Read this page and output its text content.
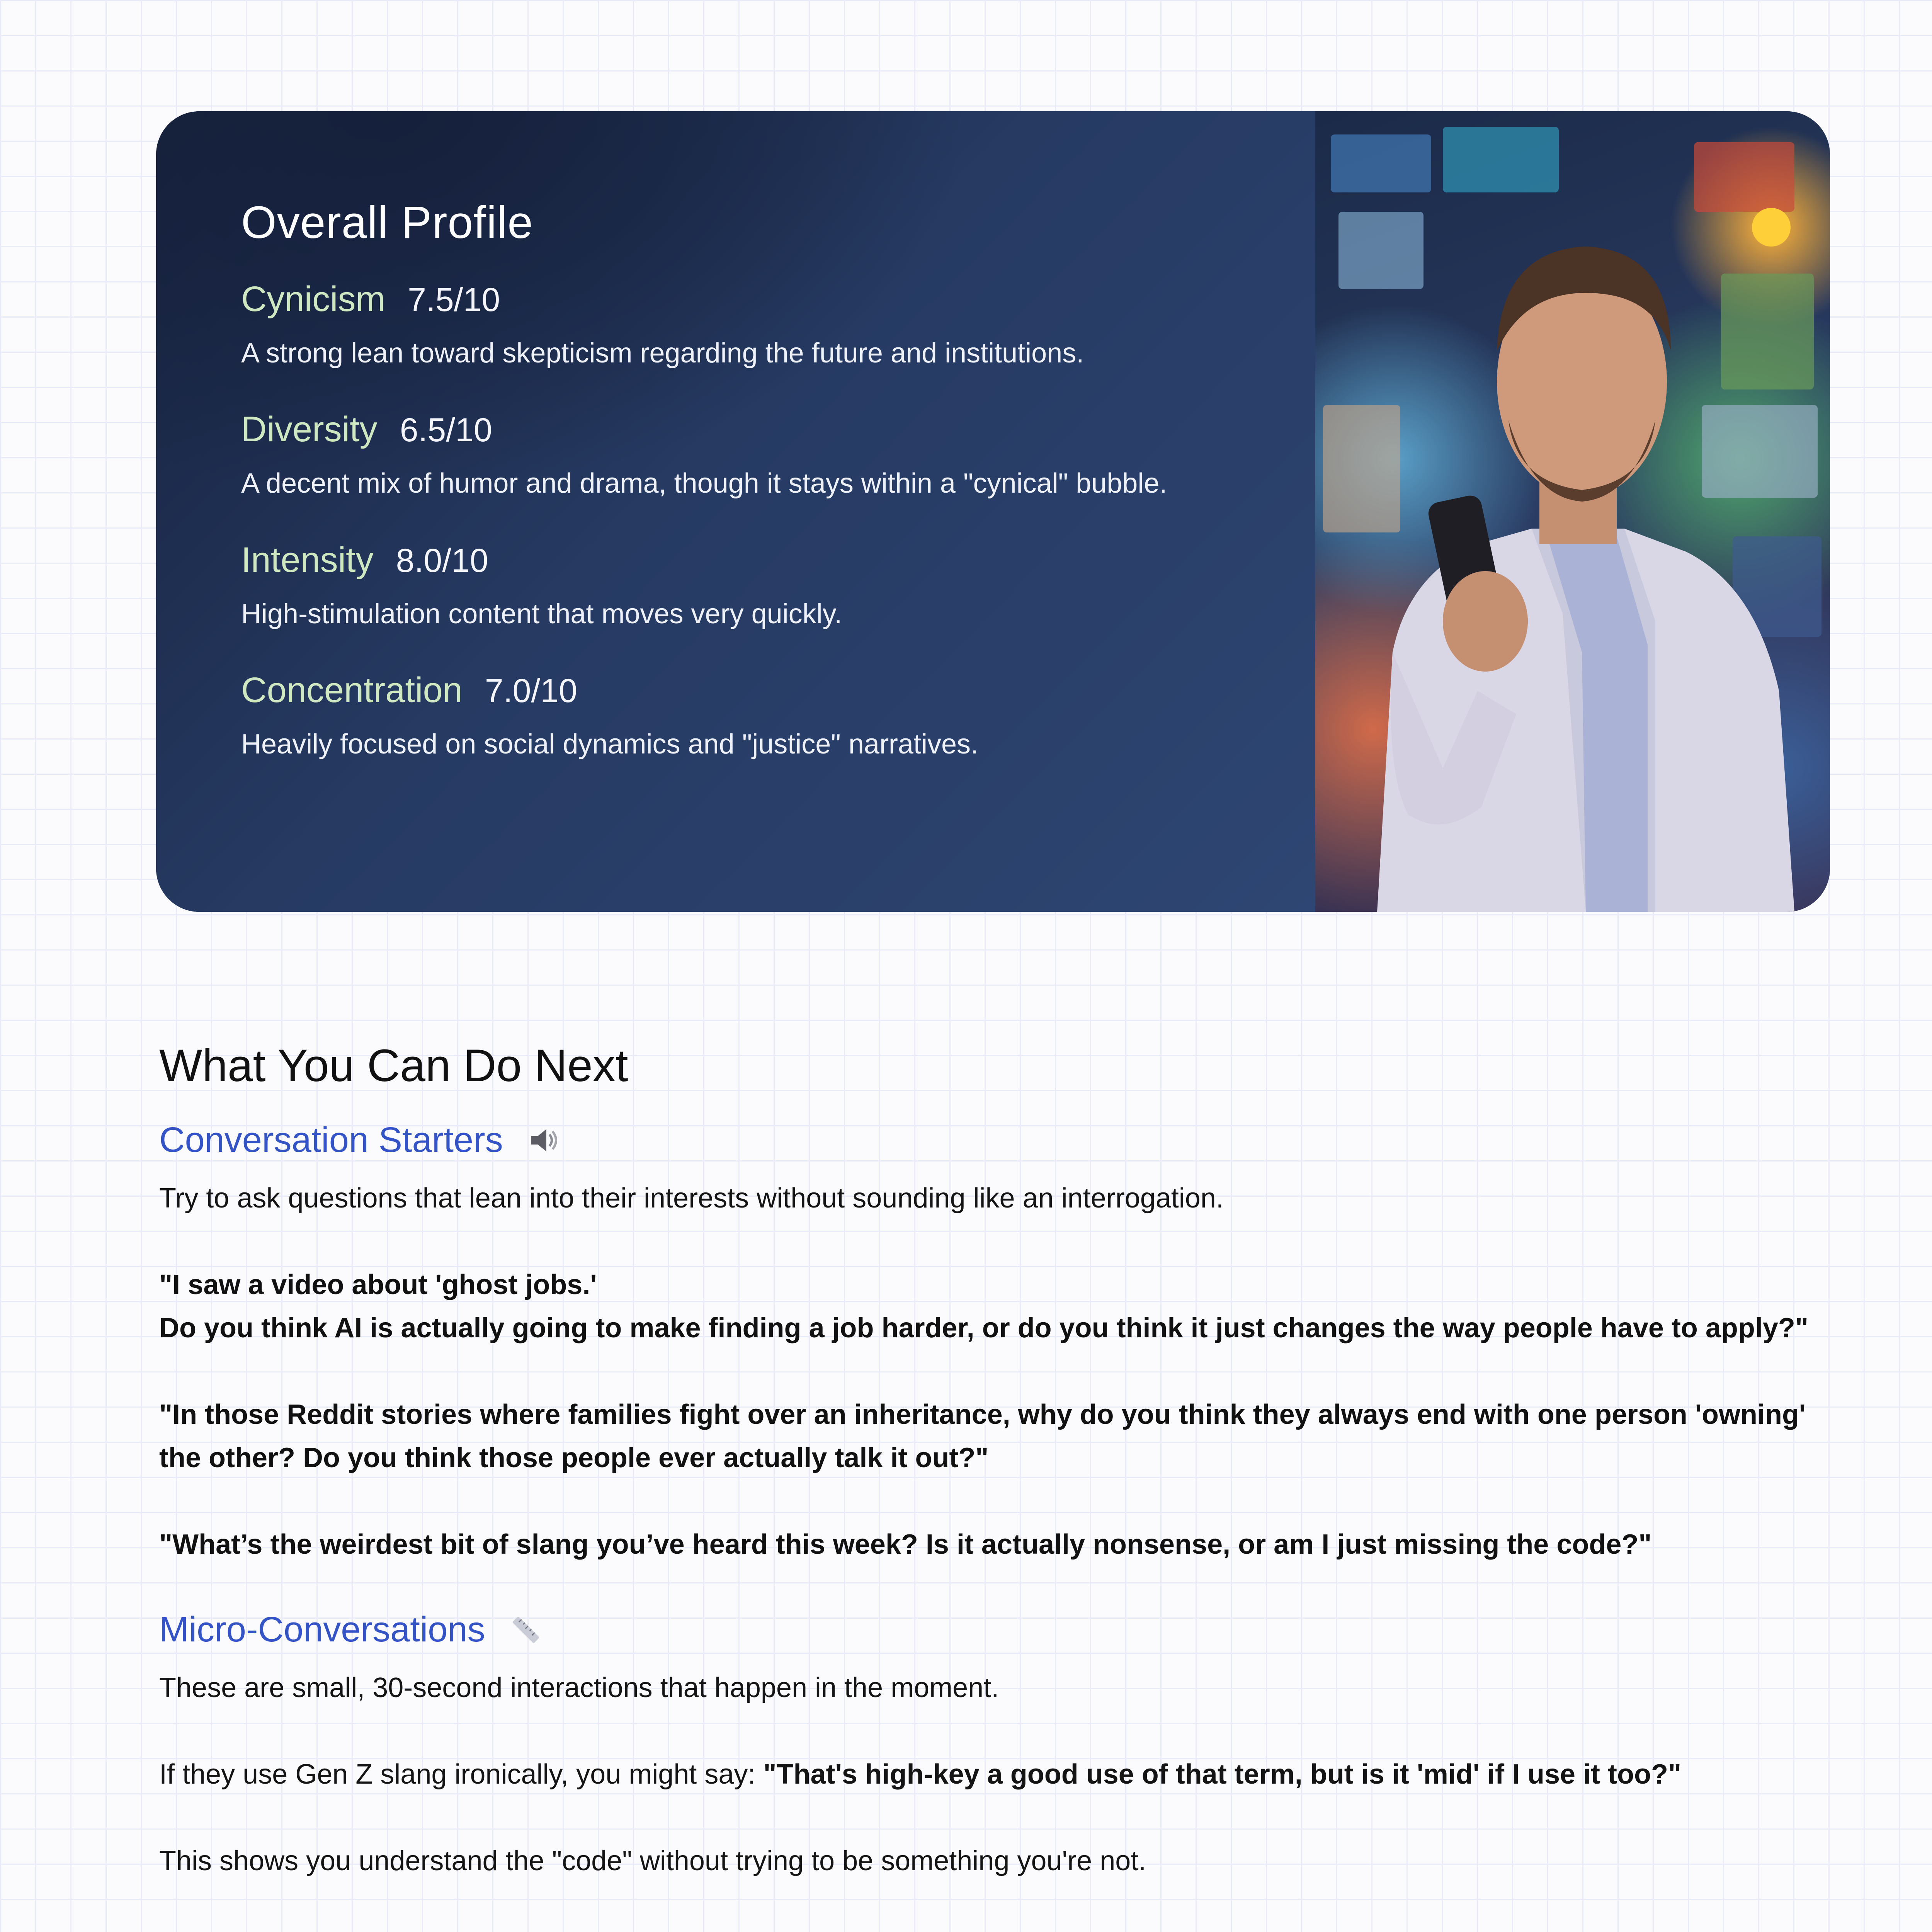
Overall Profile
Cynicism 7.5/10
A strong lean toward skepticism regarding the future and institutions.
Diversity 6.5/10
A decent mix of humor and drama, though it stays within a "cynical" bubble.
Intensity 8.0/10
High-stimulation content that moves very quickly.
Concentration 7.0/10
Heavily focused on social dynamics and "justice" narratives.
What You Can Do Next
Conversation Starters
Try to ask questions that lean into their interests without sounding like an interrogation.
"I saw a video about 'ghost jobs.'
Do you think AI is actually going to make finding a job harder, or do you think it just changes the way people have to apply?"
"In those Reddit stories where families fight over an inheritance, why do you think they always end with one person 'owning'
the other? Do you think those people ever actually talk it out?"
"What’s the weirdest bit of slang you’ve heard this week? Is it actually nonsense, or am I just missing the code?"
Micro-Conversations
These are small, 30-second interactions that happen in the moment.
If they use Gen Z slang ironically, you might say: "That's high-key a good use of that term, but is it 'mid' if I use it too?"
This shows you understand the "code" without trying to be something you're not.
